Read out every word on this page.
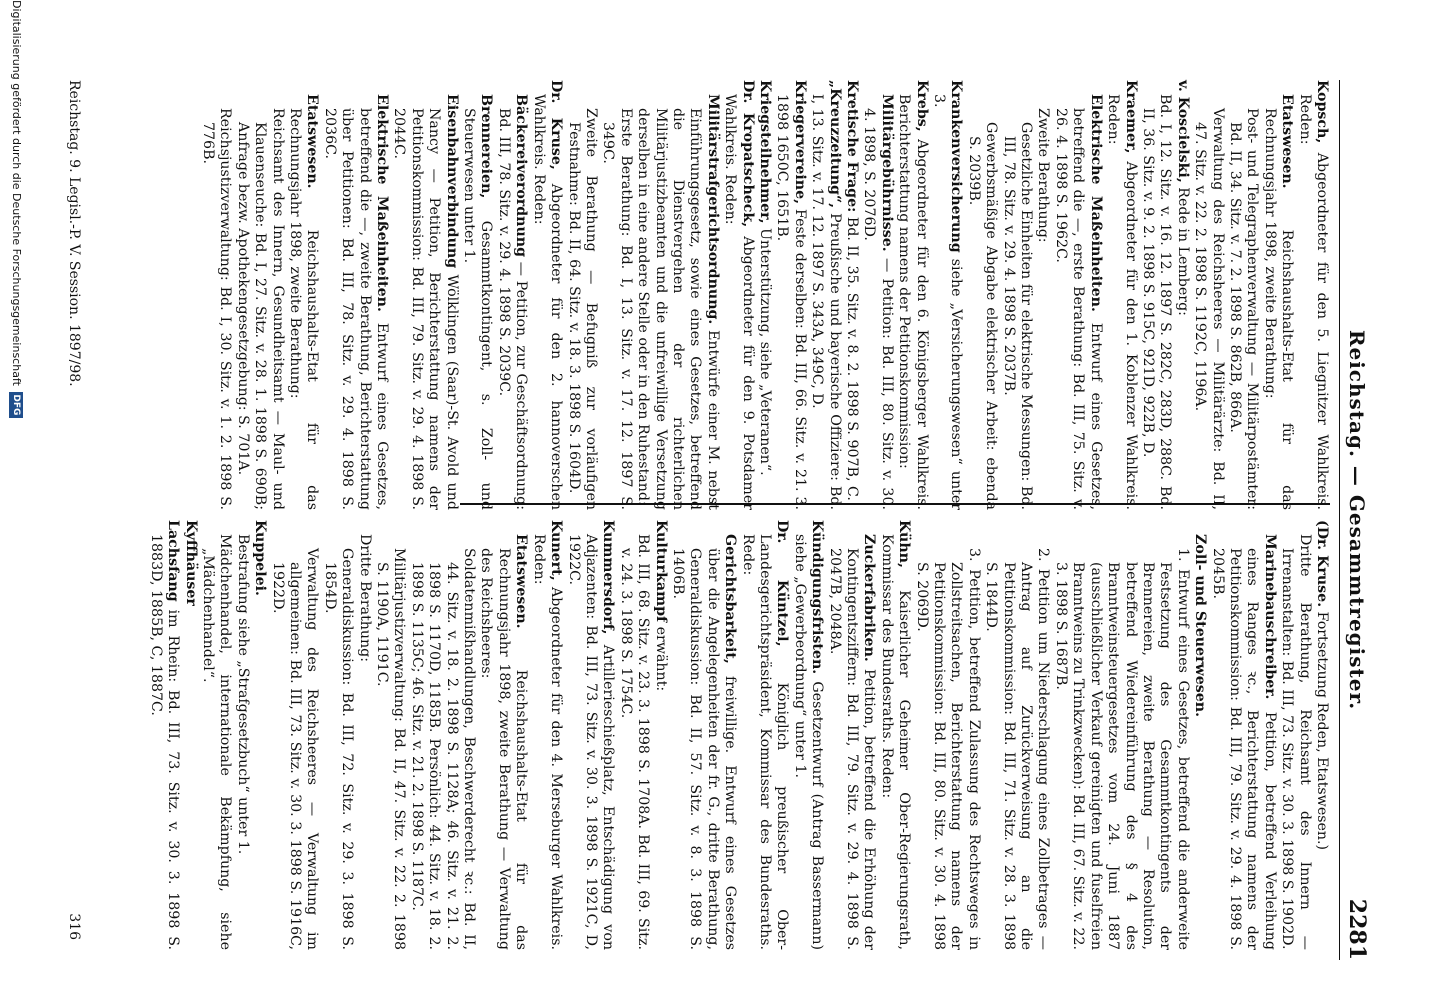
Reichstag. — Gesammtregister.
2281
Kopsch, Abgeordneter für den 5. Liegnitzer Wahlkreis. Reden:
Etatswesen. Reichshaushalts-Etat für das Rechnungsjahr 1898, zweite Berathung:
Post- und Telegraphenverwaltung — Militärpostämter: Bd. II, 34. Sitz. v. 7. 2. 1898 S. 862B, 866A.
Verwaltung des Reichsheeres — Militärärzte: Bd. II, 47. Sitz. v. 22. 2. 1898 S. 1192C, 1196A.
v. Koscielski, Rede in Lemberg:
Bd. I, 12. Sitz. v. 16. 12. 1897 S. 282C, 283D, 288C. Bd. II, 36. Sitz. v. 9. 2. 1898 S. 915C, 921D, 922B, D.
Kraemer, Abgeordneter für den 1. Koblenzer Wahlkreis. Reden:
Elektrische Maßeinheiten. Entwurf eines Gesetzes, betreffend die —, erste Berathung: Bd. III, 75. Sitz. v. 26. 4. 1898 S. 1962C.
Zweite Berathung:
Gesetzliche Einheiten für elektrische Messungen: Bd. III, 78. Sitz. v. 29. 4. 1898 S. 2037B.
Gewerbsmäßige Abgabe elektrischer Arbeit: ebenda S. 2039B.
Krankenversicherung siehe „Versicherungswesen“ unter 3.
Krebs, Abgeordneter für den 6. Königsberger Wahlkreis. Berichterstattung namens der Petitionskommission:
Militärgebührnisse. — Petition: Bd. III, 80. Sitz. v. 30. 4. 1898, S. 2076D.
Kretische Frage: Bd. II, 35. Sitz. v. 8. 2. 1898 S. 907B, C.
„Kreuzzeitung“, Preußische und bayerische Offiziere: Bd. I, 13. Sitz. v. 17. 12. 1897 S. 343A, 349C, D.
Kriegervereine, Feste derselben: Bd. III, 66. Sitz. v. 21. 3. 1898 1650C, 1651B.
Kriegsteilnehmer, Unterstützung, siehe „Veteranen“.
Dr. Kropatscheck, Abgeordneter für den 9. Potsdamer Wahlkreis. Reden:
Militärstrafgerichtsordnung. Entwürfe einer M. nebst Einführungsgesetz, sowie eines Gesetzes, betreffend die Dienstvergehen der richterlichen Militärjustizbeamten und die unfreiwillige Versetzung derselben in eine andere Stelle oder in den Ruhestand:
Erste Berathung: Bd. I, 13. Sitz. v. 17. 12. 1897 S. 349C.
Zweite Berathung — Befugniß zur vorläufigen Festnahme: Bd. II, 64. Sitz. v. 18. 3. 1898 S. 1604D.
Dr. Kruse, Abgeordneter für den 2. hannoverschen Wahlkreis. Reden:
Bäckereiverordnung — Petition, zur Geschäftsordnung: Bd. III, 78. Sitz. v. 29. 4. 1898 S. 2039C.
Brennereien, Gesammtkontingent, s. Zoll- und Steuerwesen unter 1.
Eisenbahnverbindung Wölklingen (Saar)-St. Avold und Nancy — Petition, Berichterstattung namens der Petitionskommission: Bd. III, 79. Sitz. v. 29. 4. 1898 S. 2044C.
Elektrische Maßeinheiten. Entwurf eines Gesetzes, betreffend die —, zweite Berathung, Berichterstattung über Petitionen: Bd. III, 78. Sitz. v. 29. 4. 1898 S. 2036C.
Etatswesen. Reichshaushalts-Etat für das Rechnungsjahr 1898, zweite Berathung:
Reichsamt des Innern, Gesundheitsamt — Maul- und Klauenseuche: Bd. I, 27. Sitz. v. 28. 1. 1898 S. 690B; Anfrage bezw. Apothekengesetzgebung: S. 701A.
Reichsjustizverwaltung: Bd. I, 30. Sitz. v. 1. 2. 1898 S. 776B.
(Dr. Kruse. Fortsetzung Reden, Etatswesen.)
Dritte Berathung, Reichsamt des Innern — Irrenanstalten: Bd. III, 73. Sitz. v. 30. 3. 1898 S. 1902D.
Marinebauschreiber. Petition, betreffend Verleihung eines Ranges ꝛc., Berichterstattung namens der Petitionskommission: Bd. III, 79. Sitz. v. 29. 4. 1898 S. 2045B.
Zoll- und Steuerwesen.
1. Entwurf eines Gesetzes, betreffend die anderweite Festsetzung des Gesammtkontingents der Brennereien, zweite Berathung — Resolution, betreffend Wiedereinführung des § 4 des Branntweinsteuergesetzes vom 24. Juni 1887 (ausschließlicher Verkauf gereinigten und fuselfreien Branntweins zu Trinkzwecken): Bd. III, 67. Sitz. v. 22. 3. 1898 S. 1687B.
2. Petition um Niederschlagung eines Zollbetrages — Antrag auf Zurückverweisung an die Petitionskommission: Bd. III, 71. Sitz. v. 28. 3. 1898 S. 1844D.
3. Petition, betreffend Zulassung des Rechtsweges in Zollstreitsachen, Berichterstattung namens der Petitionskommission: Bd. III, 80. Sitz. v. 30. 4. 1898 S. 2069D.
Kühn, Kaiserlicher Geheimer Ober-Regierungsrath, Kommissar des Bundesraths. Reden:
Zuckerfabriken. Petition, betreffend die Erhöhung der Kontingentsziffern: Bd. III, 79. Sitz. v. 29. 4. 1898 S. 2047B, 2048A.
Kündigungsfristen. Gesetzentwurf (Antrag Bassermann) siehe „Gewerbeordnung“ unter 1.
Dr. Küntzel, Königlich preußischer Ober-Landesgerichtspräsident, Kommissar des Bundesraths. Rede:
Gerichtsbarkeit, freiwillige. Entwurf eines Gesetzes über die Angelegenheiten der fr. G., dritte Berathung, Generaldiskussion: Bd. II, 57. Sitz. v. 8. 3. 1898 S. 1406B.
Kulturkampf erwähnt:
Bd. III, 68. Sitz. v. 23. 3. 1898 S. 1708A. Bd. III, 69. Sitz. v. 24. 3. 1898 S. 1754C.
Kummersdorf, Artillerieschießplatz, Entschädigung von Adjazenten: Bd. III, 73. Sitz. v. 30. 3. 1898 S. 1921C, D, 1922C.
Kunert, Abgeordneter für den 4. Merseburger Wahlkreis. Reden:
Etatswesen. Reichshaushalts-Etat für das Rechnungsjahr 1898, zweite Berathung — Verwaltung des Reichsheeres:
Soldatenmißhandlungen, Beschwerderecht ꝛc.: Bd. II, 44. Sitz. v. 18. 2. 1898 S. 1128A; 46. Sitz. v. 21. 2. 1898 S. 1170D, 1185B. Persönlich: 44. Sitz. v. 18. 2. 1898 S. 1135C; 46. Sitz. v. 21. 2. 1898 S. 1187C.
Militärjustizverwaltung: Bd. II, 47. Sitz. v. 22. 2. 1898 S. 1190A, 1191C.
Dritte Berathung:
Generaldiskussion: Bd. III, 72. Sitz. v. 29. 3. 1898 S. 1854D.
Verwaltung des Reichsheeres — Verwaltung im allgemeinen: Bd. III, 73. Sitz. v. 30. 3. 1898 S. 1916C, 1922D.
Kuppelei.
Bestrafung siehe „Strafgesetzbuch“ unter 1.
Mädchenhandel, internationale Bekämpfung, siehe „Mädchenhandel“.
Kyffhäuser
Lachsfang im Rhein: Bd. III, 73. Sitz. v. 30. 3. 1898 S. 1883D, 1885B, C, 1887C.
Reichstag. 9. Legisl.-P. V. Session. 1897/98.
316
Digitalisierung gefördert durch die Deutsche ForschungsgemeinschaftDFG
